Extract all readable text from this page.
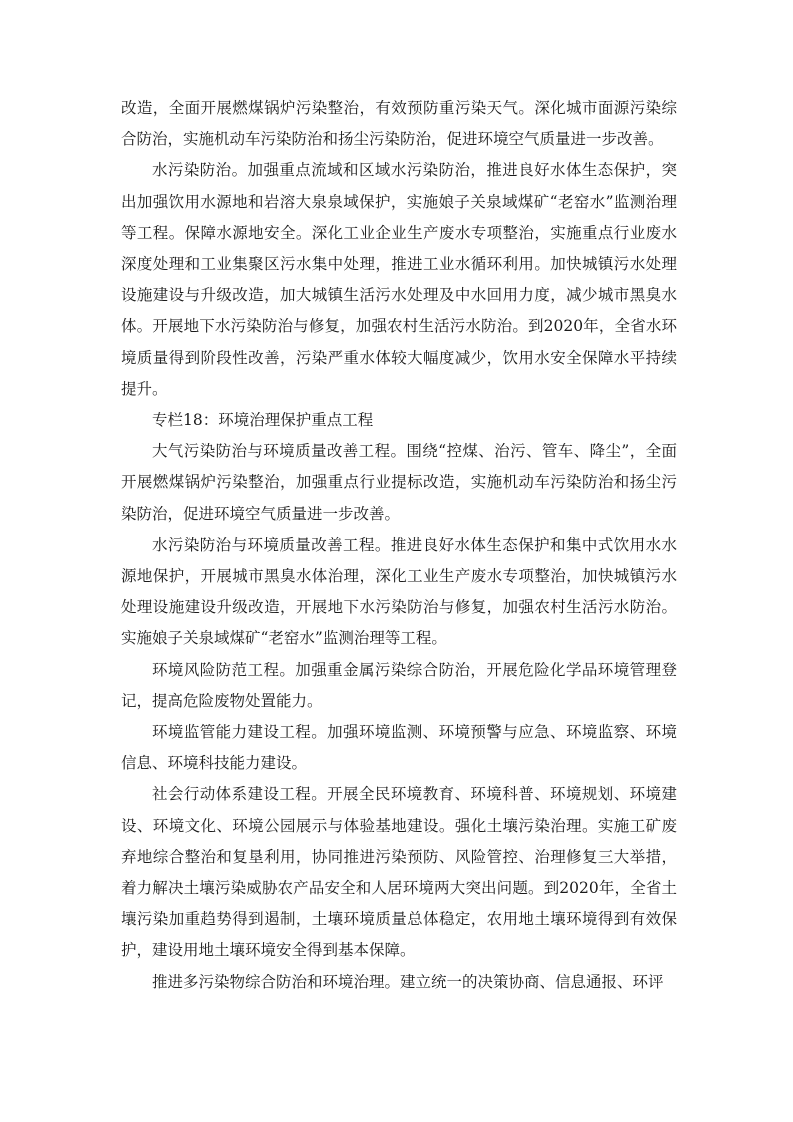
改造，全面开展燃煤锅炉污染整治，有效预防重污染天气。深化城市面源污染综合防治，实施机动车污染防治和扬尘污染防治，促进环境空气质量进一步改善。

水污染防治。加强重点流域和区域水污染防治，推进良好水体生态保护，突出加强饮用水源地和岩溶大泉泉域保护，实施娘子关泉域煤矿“老窑水”监测治理等工程。保障水源地安全。深化工业企业生产废水专项整治，实施重点行业废水深度处理和工业集聚区污水集中处理，推进工业水循环利用。加快城镇污水处理设施建设与升级改造，加大城镇生活污水处理及中水回用力度，减少城市黑臭水体。开展地下水污染防治与修复，加强农村生活污水防治。到2020年，全省水环境质量得到阶段性改善，污染严重水体较大幅度减少，饮用水安全保障水平持续提升。

专栏18：环境治理保护重点工程

大气污染防治与环境质量改善工程。围绕“控煤、治污、管车、降尘”，全面开展燃煤锅炉污染整治，加强重点行业提标改造，实施机动车污染防治和扬尘污染防治，促进环境空气质量进一步改善。

水污染防治与环境质量改善工程。推进良好水体生态保护和集中式饮用水水源地保护，开展城市黑臭水体治理，深化工业生产废水专项整治，加快城镇污水处理设施建设升级改造，开展地下水污染防治与修复，加强农村生活污水防治。实施娘子关泉域煤矿“老窑水”监测治理等工程。

环境风险防范工程。加强重金属污染综合防治，开展危险化学品环境管理登记，提高危险废物处置能力。

环境监管能力建设工程。加强环境监测、环境预警与应急、环境监察、环境信息、环境科技能力建设。

社会行动体系建设工程。开展全民环境教育、环境科普、环境规划、环境建设、环境文化、环境公园展示与体验基地建设。强化土壤污染治理。实施工矿废弃地综合整治和复垦利用，协同推进污染预防、风险管控、治理修复三大举措，着力解决土壤污染威胁农产品安全和人居环境两大突出问题。到2020年，全省土壤污染加重趋势得到遏制，土壤环境质量总体稳定，农用地土壤环境得到有效保护，建设用地土壤环境安全得到基本保障。

推进多污染物综合防治和环境治理。建立统一的决策协商、信息通报、环评
